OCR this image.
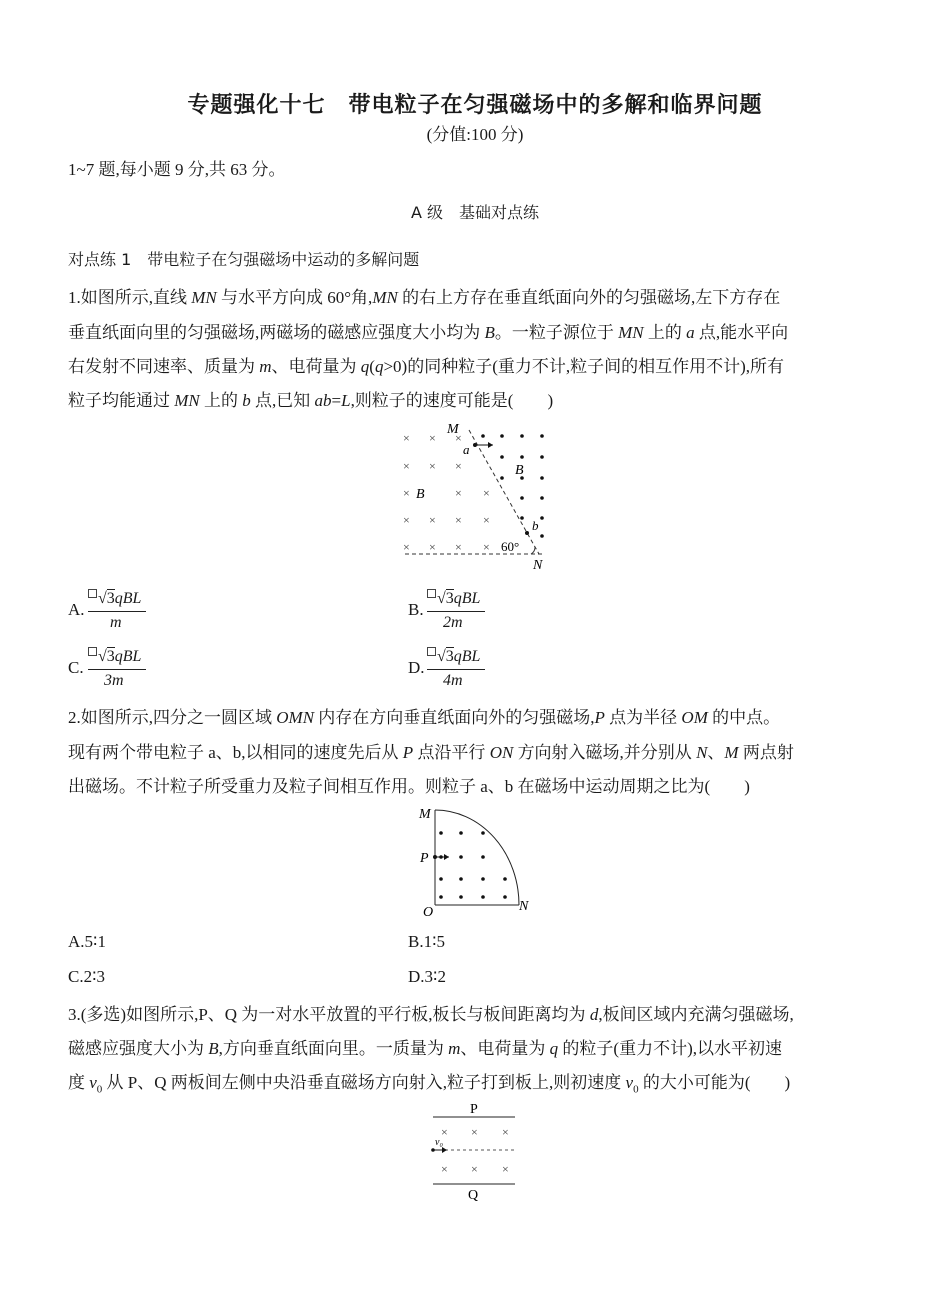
专题强化十七　带电粒子在匀强磁场中的多解和临界问题
(分值:100 分)
1~7 题,每小题 9 分,共 63 分。
A 级　基础对点练
对点练 1　带电粒子在匀强磁场中运动的多解问题
1.如图所示,直线 MN 与水平方向成 60°角,MN 的右上方存在垂直纸面向外的匀强磁场,左下方存在
垂直纸面向里的匀强磁场,两磁场的磁感应强度大小均为 B。一粒子源位于 MN 上的 a 点,能水平向
右发射不同速率、质量为 m、电荷量为 q(q>0)的同种粒子(重力不计,粒子间的相互作用不计),所有
粒子均能通过 MN 上的 b 点,已知 ab=L,则粒子的速度可能是(　　)
× × ×
× × ×
×	× ×
× × × ×
× × × ×
M
a
B
B
b
60°
N
A.
√3qBL
m
B.
√3qBL
2m
C.
√3qBL
3m
D.
√3qBL
4m
2.如图所示,四分之一圆区域 OMN 内存在方向垂直纸面向外的匀强磁场,P 点为半径 OM 的中点。
现有两个带电粒子 a、b,以相同的速度先后从 P 点沿平行 ON 方向射入磁场,并分别从 N、M 两点射
出磁场。不计粒子所受重力及粒子间相互作用。则粒子 a、b 在磁场中运动周期之比为(　　)
M
P
O	N
A.5∶1	B.1∶5
C.2∶3	D.3∶2
3.(多选)如图所示,P、Q 为一对水平放置的平行板,板长与板间距离均为 d,板间区域内充满匀强磁场,
磁感应强度大小为 B,方向垂直纸面向里。一质量为 m、电荷量为 q 的粒子(重力不计),以水平初速
度 $v_0$ 从 P、Q 两板间左侧中央沿垂直磁场方向射入,粒子打到板上,则初速度 $v_0$ 的大小可能为(　　)
P
× × ×
× × ×
v₀
Q
